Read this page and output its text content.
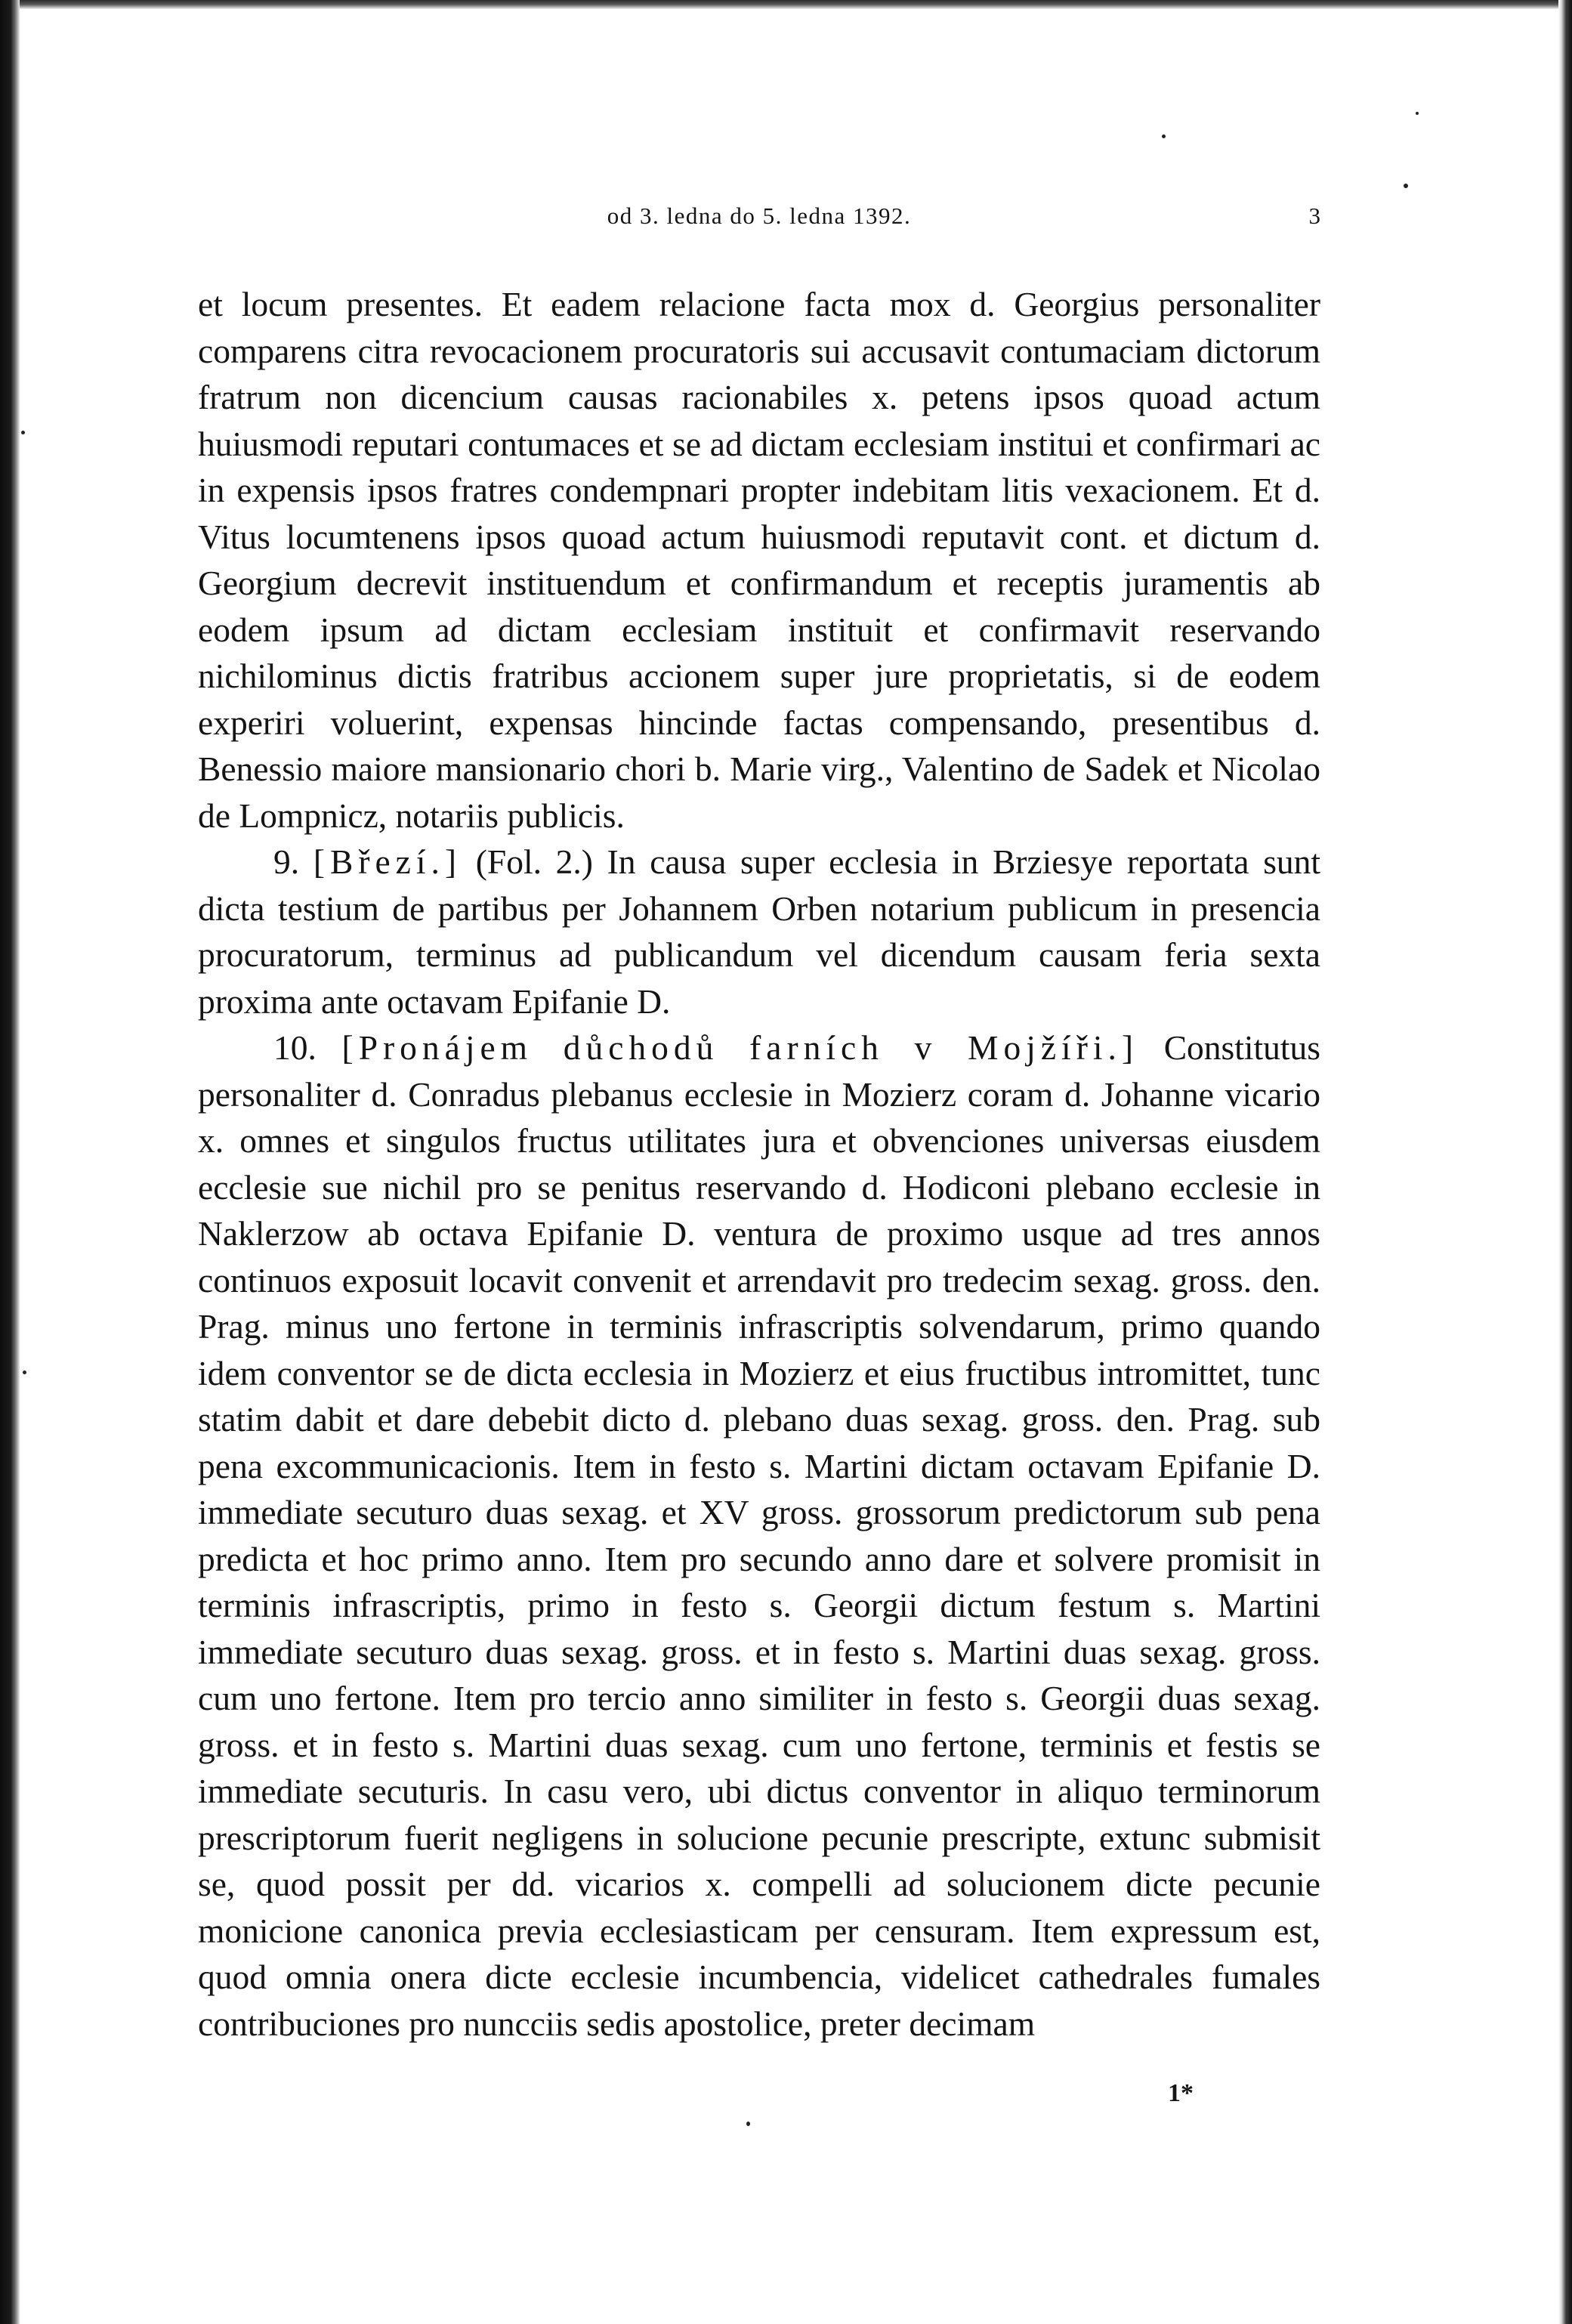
od 3. ledna do 5. ledna 1392.	3

et locum presentes. Et eadem relacione facta mox d. Georgius personaliter comparens citra revocacionem procuratoris sui accusavit contumaciam dictorum fratrum non dicencium causas racionabiles x. petens ipsos quoad actum huiusmodi reputari contumaces et se ad dictam ecclesiam institui et confirmari ac in expensis ipsos fratres condempnari propter indebitam litis vexacionem. Et d. Vitus locumtenens ipsos quoad actum huiusmodi reputavit cont. et dictum d. Georgium decrevit instituendum et confirmandum et receptis juramentis ab eodem ipsum ad dictam ecclesiam instituit et confirmavit reservando nichilominus dictis fratribus accionem super jure proprietatis, si de eodem experiri voluerint, expensas hincinde factas compensando, presentibus d. Benessio maiore mansionario chori b. Marie virg., Valentino de Sadek et Nicolao de Lompnicz, notariis publicis.

9. [Březí.] (Fol. 2.) In causa super ecclesia in Brziesye reportata sunt dicta testium de partibus per Johannem Orben notarium publicum in presencia procuratorum, terminus ad publicandum vel dicendum causam feria sexta proxima ante octavam Epifanie D.

10. [Pronájem důchodů farních v Mojžíři.] Constitutus personaliter d. Conradus plebanus ecclesie in Mozierz coram d. Johanne vicario x. omnes et singulos fructus utilitates jura et obvenciones universas eiusdem ecclesie sue nichil pro se penitus reservando d. Hodiconi plebano ecclesie in Naklerzow ab octava Epifanie D. ventura de proximo usque ad tres annos continuos exposuit locavit convenit et arrendavit pro tredecim sexag. gross. den. Prag. minus uno fertone in terminis infrascriptis solvendarum, primo quando idem conventor se de dicta ecclesia in Mozierz et eius fructibus intromittet, tunc statim dabit et dare debebit dicto d. plebano duas sexag. gross. den. Prag. sub pena excommunicacionis. Item in festo s. Martini dictam octavam Epifanie D. immediate secuturo duas sexag. et XV gross. grossorum predictorum sub pena predicta et hoc primo anno. Item pro secundo anno dare et solvere promisit in terminis infrascriptis, primo in festo s. Georgii dictum festum s. Martini immediate secuturo duas sexag. gross. et in festo s. Martini duas sexag. gross. cum uno fertone. Item pro tercio anno similiter in festo s. Georgii duas sexag. gross. et in festo s. Martini duas sexag. cum uno fertone, terminis et festis se immediate secuturis. In casu vero, ubi dictus conventor in aliquo terminorum prescriptorum fuerit negligens in solucione pecunie prescripte, extunc submisit se, quod possit per dd. vicarios x. compelli ad solucionem dicte pecunie monicione canonica previa ecclesiasticam per censuram. Item expressum est, quod omnia onera dicte ecclesie incumbencia, videlicet cathedrales fumales contribuciones pro nuncciis sedis apostolice, preter decimam

1*
